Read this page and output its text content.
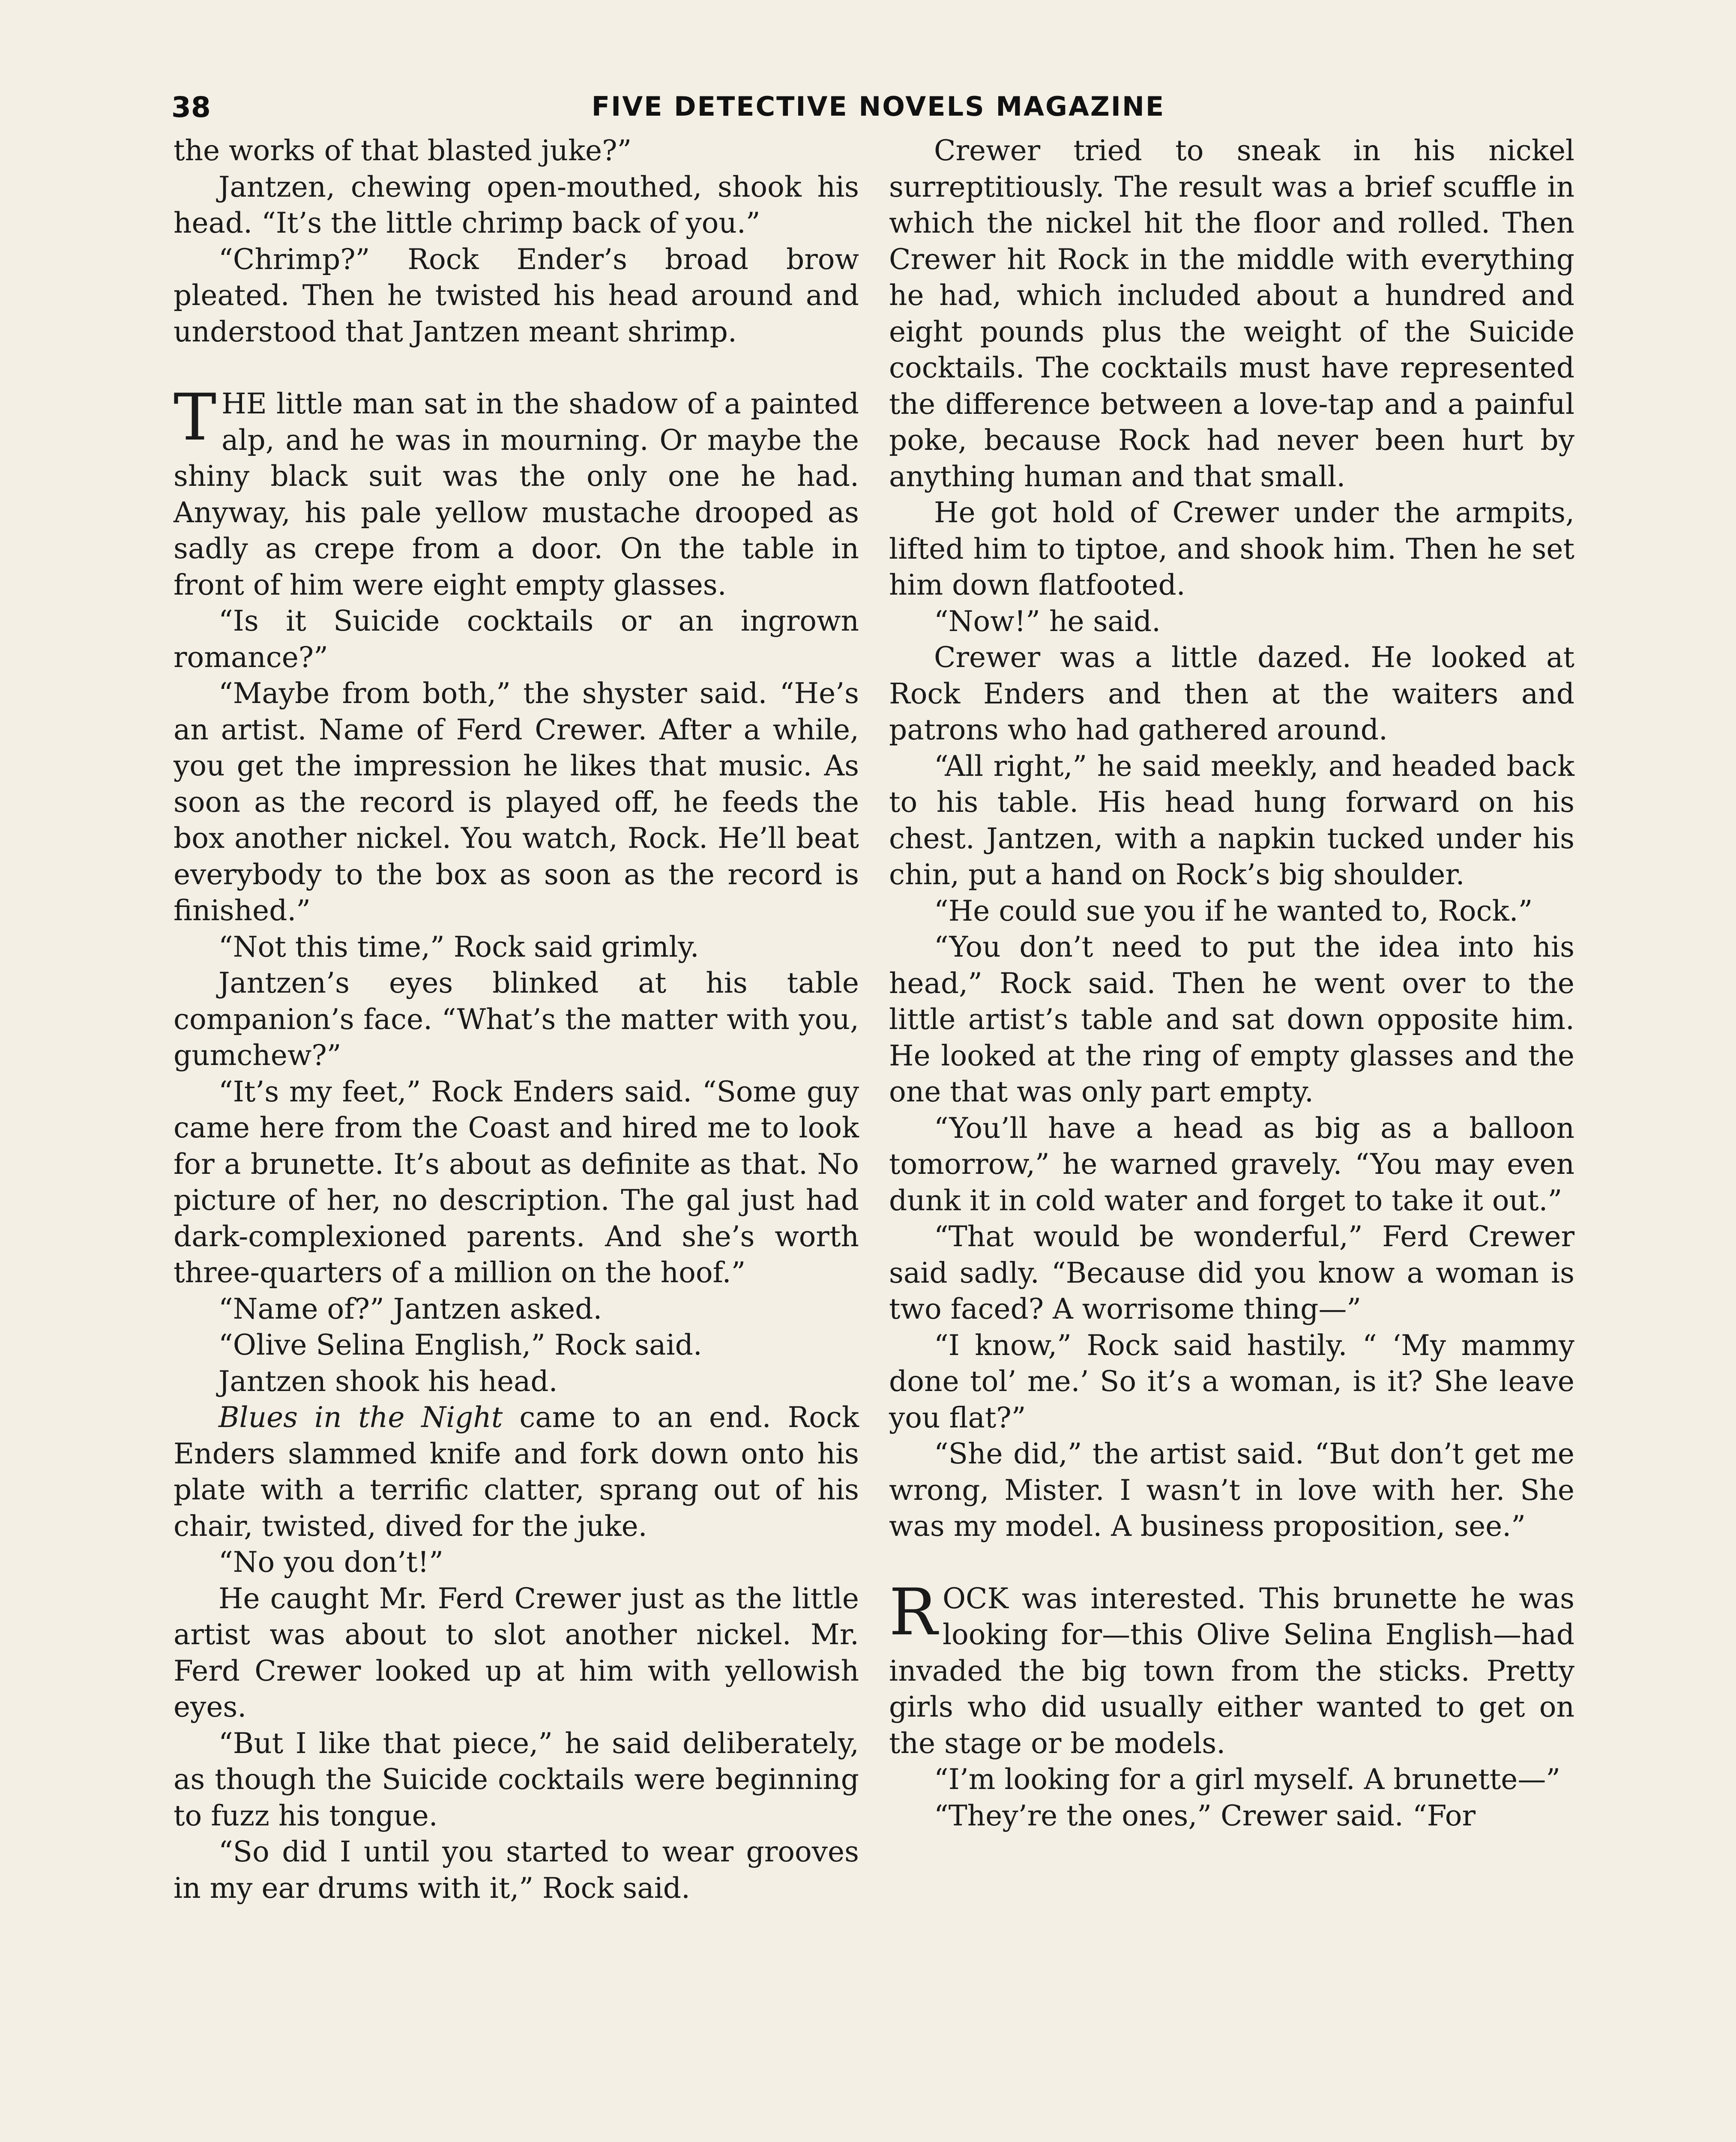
38	FIVE DETECTIVE NOVELS MAGAZINE

the works of that blasted juke?”

Jantzen, chewing open-mouthed, shook his head. “It’s the little chrimp back of you.”

“Chrimp?” Rock Ender’s broad brow pleated. Then he twisted his head around and understood that Jantzen meant shrimp.

THE little man sat in the shadow of a painted alp, and he was in mourning. Or maybe the shiny black suit was the only one he had. Anyway, his pale yellow mustache drooped as sadly as crepe from a door. On the table in front of him were eight empty glasses.

“Is it Suicide cocktails or an ingrown romance?”

“Maybe from both,” the shyster said. “He’s an artist. Name of Ferd Crewer. After a while, you get the impression he likes that music. As soon as the record is played off, he feeds the box another nickel. You watch, Rock. He’ll beat everybody to the box as soon as the record is finished.”

“Not this time,” Rock said grimly.

Jantzen’s eyes blinked at his table companion’s face. “What’s the matter with you, gumchew?”

“It’s my feet,” Rock Enders said. “Some guy came here from the Coast and hired me to look for a brunette. It’s about as definite as that. No picture of her, no description. The gal just had dark-complexioned parents. And she’s worth three-quarters of a million on the hoof.”

“Name of?” Jantzen asked.

“Olive Selina English,” Rock said.

Jantzen shook his head.

Blues in the Night came to an end. Rock Enders slammed knife and fork down onto his plate with a terrific clatter, sprang out of his chair, twisted, dived for the juke.

“No you don’t!”

He caught Mr. Ferd Crewer just as the little artist was about to slot another nickel. Mr. Ferd Crewer looked up at him with yellowish eyes.

“But I like that piece,” he said deliberately, as though the Suicide cocktails were beginning to fuzz his tongue.

“So did I until you started to wear grooves in my ear drums with it,” Rock said.

Crewer tried to sneak in his nickel surreptitiously. The result was a brief scuffle in which the nickel hit the floor and rolled. Then Crewer hit Rock in the middle with everything he had, which included about a hundred and eight pounds plus the weight of the Suicide cocktails. The cocktails must have represented the difference between a love-tap and a painful poke, because Rock had never been hurt by anything human and that small.

He got hold of Crewer under the armpits, lifted him to tiptoe, and shook him. Then he set him down flatfooted.

“Now!” he said.

Crewer was a little dazed. He looked at Rock Enders and then at the waiters and patrons who had gathered around.

“All right,” he said meekly, and headed back to his table. His head hung forward on his chest. Jantzen, with a napkin tucked under his chin, put a hand on Rock’s big shoulder.

“He could sue you if he wanted to, Rock.”

“You don’t need to put the idea into his head,” Rock said. Then he went over to the little artist’s table and sat down opposite him. He looked at the ring of empty glasses and the one that was only part empty.

“You’ll have a head as big as a balloon tomorrow,” he warned gravely. “You may even dunk it in cold water and forget to take it out.”

“That would be wonderful,” Ferd Crewer said sadly. “Because did you know a woman is two faced? A worrisome thing—”

“I know,” Rock said hastily. “ ‘My mammy done tol’ me.’ So it’s a woman, is it? She leave you flat?”

“She did,” the artist said. “But don’t get me wrong, Mister. I wasn’t in love with her. She was my model. A business proposition, see.”

ROCK was interested. This brunette he was looking for—this Olive Selina English—had invaded the big town from the sticks. Pretty girls who did usually either wanted to get on the stage or be models.

“I’m looking for a girl myself. A brunette—”

“They’re the ones,” Crewer said. “For
